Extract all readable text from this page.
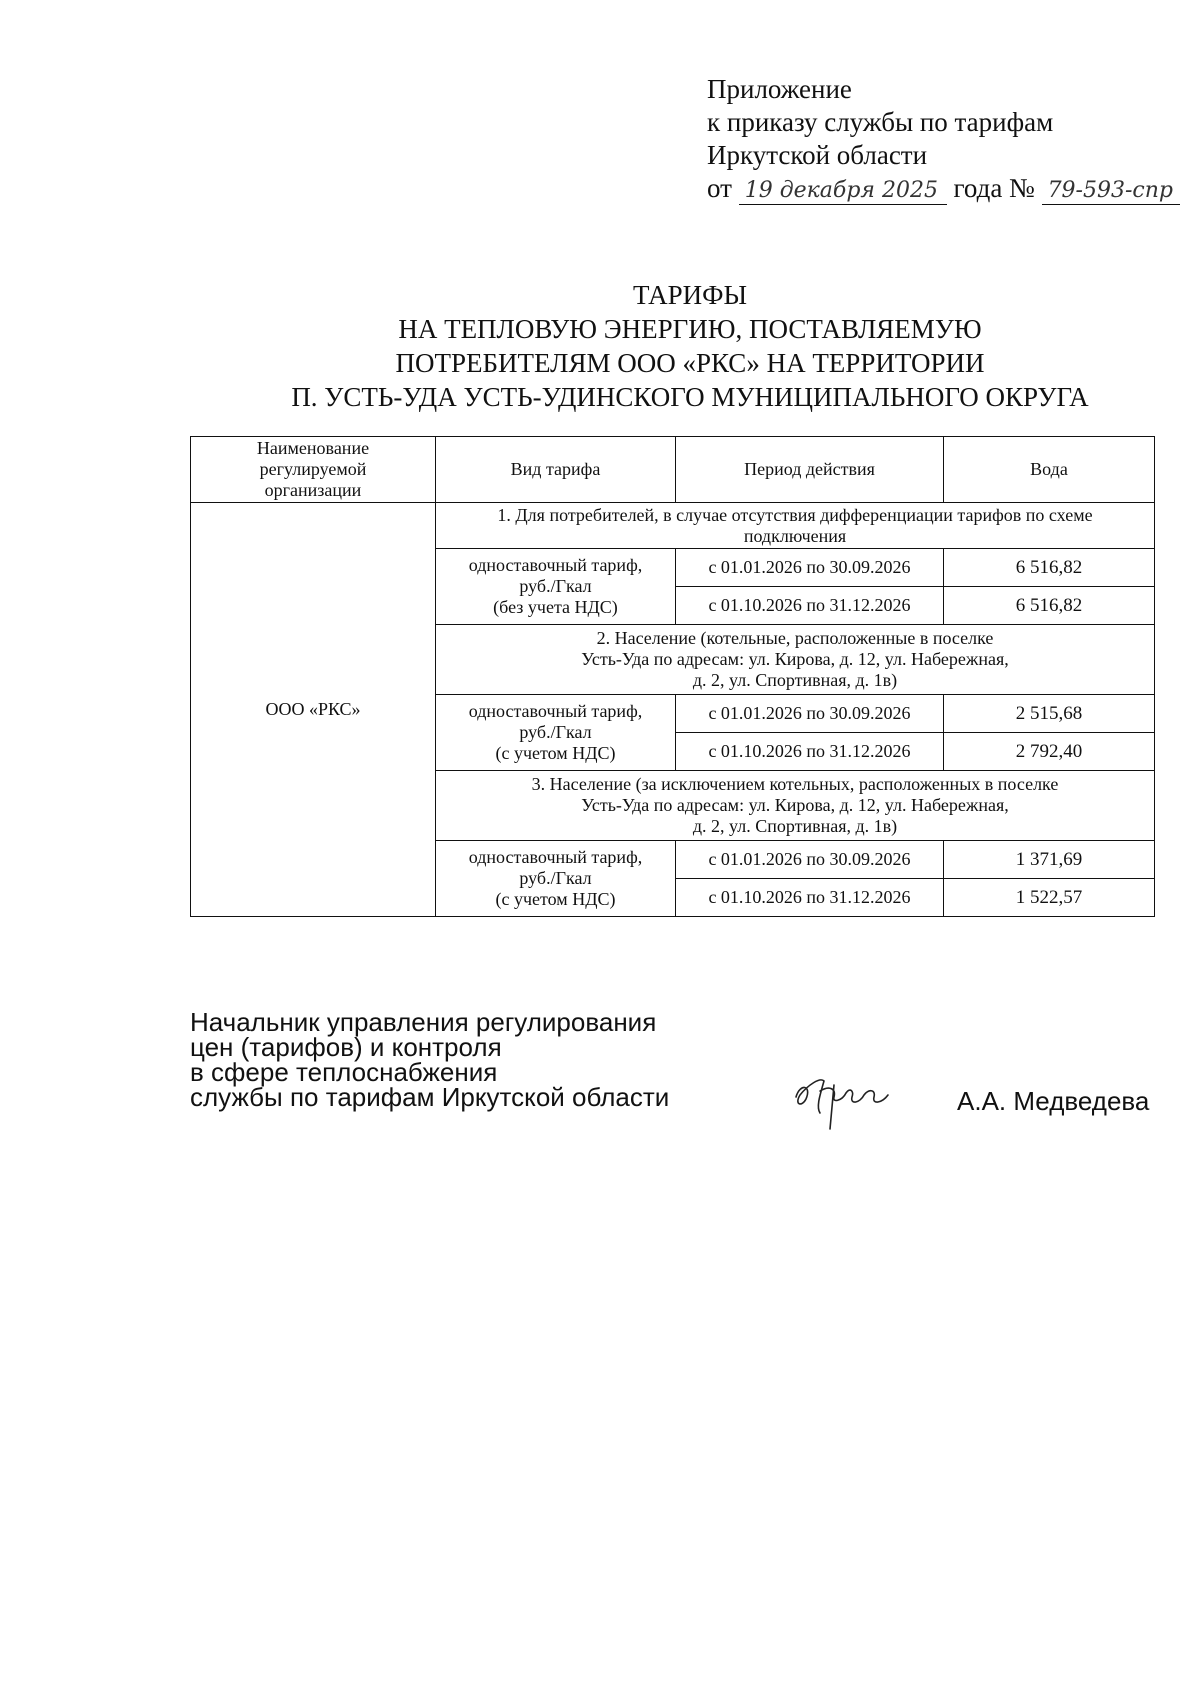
Приложение
к приказу службы по тарифам
Иркутской области
от 19 декабря 2025 года № 79-593-спр
ТАРИФЫ
НА ТЕПЛОВУЮ ЭНЕРГИЮ, ПОСТАВЛЯЕМУЮ
ПОТРЕБИТЕЛЯМ ООО «РКС» НА ТЕРРИТОРИИ
П. УСТЬ-УДА УСТЬ-УДИНСКОГО МУНИЦИПАЛЬНОГО ОКРУГА
Наименование
регулируемой
организации	Вид тарифа	Период действия	Вода
ООО «РКС»	1. Для потребителей, в случае отсутствия дифференциации тарифов по схеме
подключения		

	одноставочный тариф,
руб./Гкал
(без учета НДС)	с 01.01.2026 по 30.09.2026	6 516,82
		с 01.10.2026 по 31.12.2026	6 516,82

	2. Население (котельные, расположенные в поселке
Усть-Уда по адресам: ул. Кирова, д. 12, ул. Набережная,
д. 2, ул. Спортивная, д. 1в)		

	одноставочный тариф,
руб./Гкал
(с учетом НДС)	с 01.01.2026 по 30.09.2026	2 515,68
		с 01.10.2026 по 31.12.2026	2 792,40

	3. Население (за исключением котельных, расположенных в поселке
Усть-Уда по адресам: ул. Кирова, д. 12, ул. Набережная,
д. 2, ул. Спортивная, д. 1в)		

	одноставочный тариф,
руб./Гкал
(с учетом НДС)	с 01.01.2026 по 30.09.2026	1 371,69
		с 01.10.2026 по 31.12.2026	1 522,57
Начальник управления регулирования
цен (тарифов) и контроля
в сфере теплоснабжения
службы по тарифам Иркутской области	А.А. Медведева
